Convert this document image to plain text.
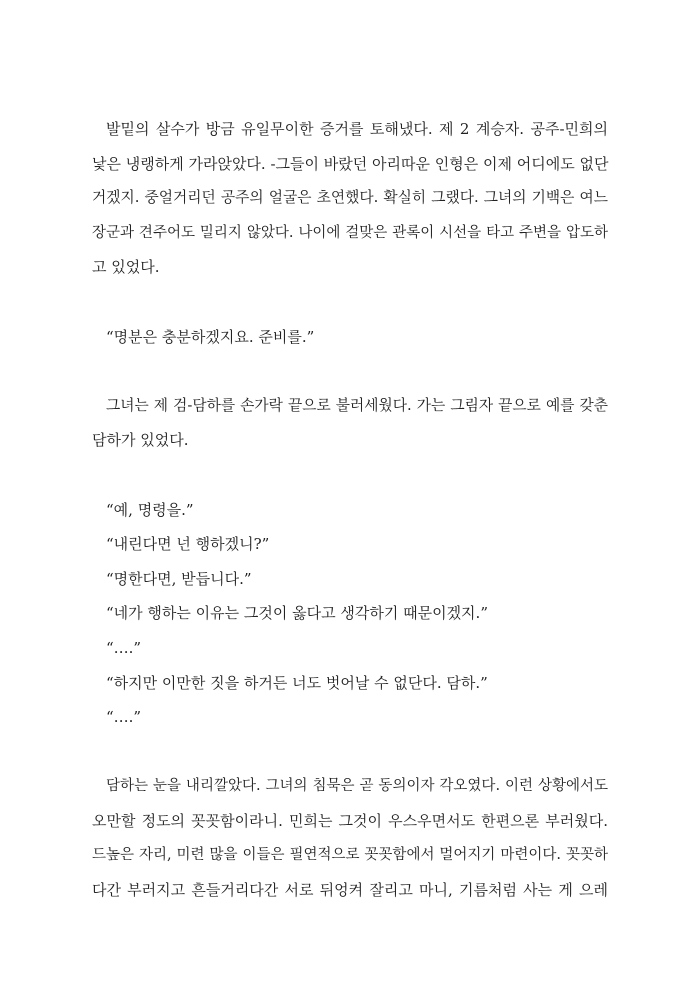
발밑의 살수가 방금 유일무이한 증거를 토해냈다. 제 2 계승자. 공주-민희의
낯은 냉랭하게 가라앉았다. -그들이 바랐던 아리따운 인형은 이제 어디에도 없단
거겠지. 중얼거리던 공주의 얼굴은 초연했다. 확실히 그랬다. 그녀의 기백은 여느
장군과 견주어도 밀리지 않았다. 나이에 걸맞은 관록이 시선을 타고 주변을 압도하
고 있었다.
“명분은 충분하겠지요. 준비를.”
그녀는 제 검-담하를 손가락 끝으로 불러세웠다. 가는 그림자 끝으로 예를 갖춘
담하가 있었다.
“예, 명령을.”
“내린다면 넌 행하겠니?”
“명한다면, 받듭니다.”
“네가 행하는 이유는 그것이 옳다고 생각하기 때문이겠지.”
“….”
“하지만 이만한 짓을 하거든 너도 벗어날 수 없단다. 담하.”
“….”
담하는 눈을 내리깔았다. 그녀의 침묵은 곧 동의이자 각오였다. 이런 상황에서도
오만할 정도의 꼿꼿함이라니. 민희는 그것이 우스우면서도 한편으론 부러웠다.
드높은 자리, 미련 많을 이들은 필연적으로 꼿꼿함에서 멀어지기 마련이다. 꼿꼿하
다간 부러지고 흔들거리다간 서로 뒤엉켜 잘리고 마니, 기름처럼 사는 게 으레
